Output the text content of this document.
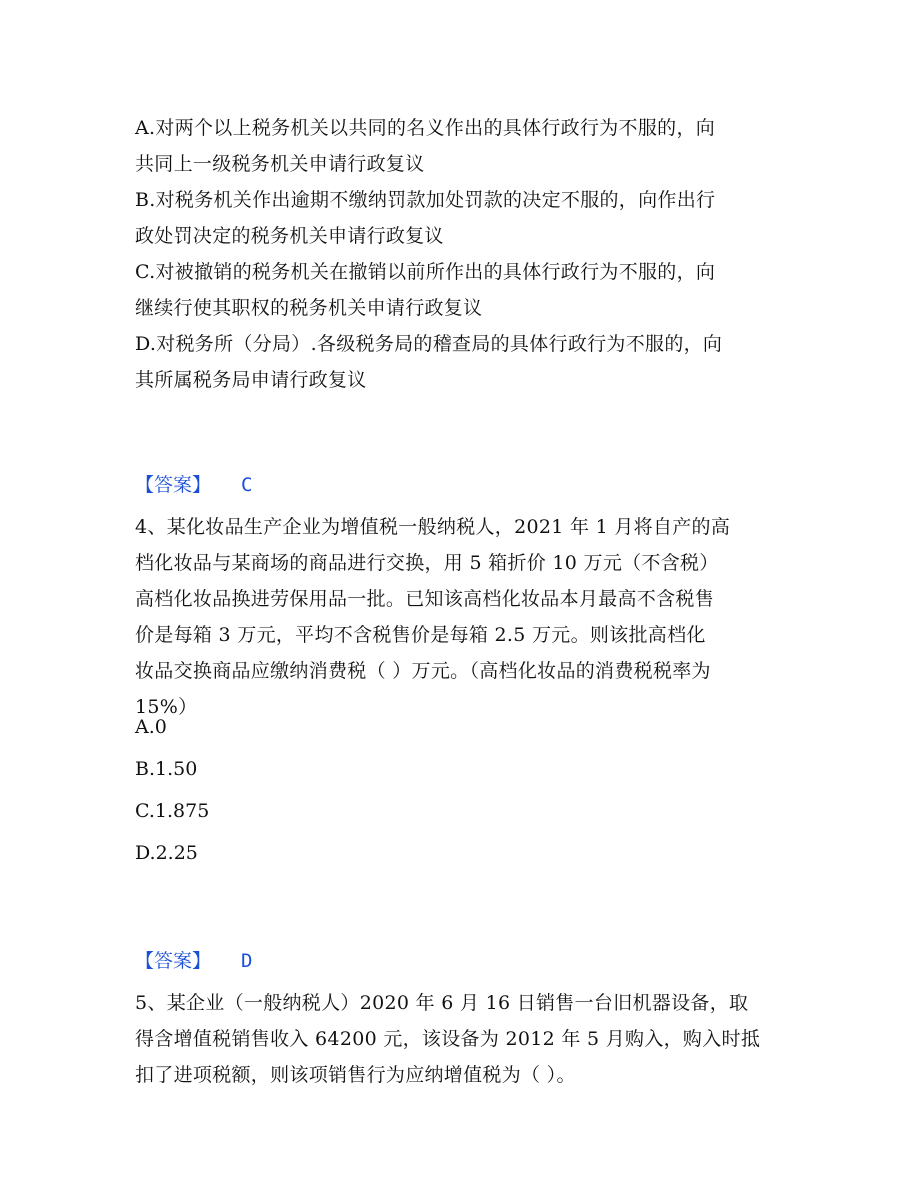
A.对两个以上税务机关以共同的名义作出的具体行政行为不服的，向
共同上一级税务机关申请行政复议
B.对税务机关作出逾期不缴纳罚款加处罚款的决定不服的，向作出行
政处罚决定的税务机关申请行政复议
C.对被撤销的税务机关在撤销以前所作出的具体行政行为不服的，向
继续行使其职权的税务机关申请行政复议
D.对税务所（分局）.各级税务局的稽查局的具体行政行为不服的，向
其所属税务局申请行政复议
【答案】 C
4、某化妆品生产企业为增值税一般纳税人，2021 年 1 月将自产的高
档化妆品与某商场的商品进行交换，用 5 箱折价 10 万元（不含税）
高档化妆品换进劳保用品一批。已知该高档化妆品本月最高不含税售
价是每箱 3 万元，平均不含税售价是每箱 2.5 万元。则该批高档化
妆品交换商品应缴纳消费税（ ）万元。（高档化妆品的消费税税率为
15%）
A.0
B.1.50
C.1.875
D.2.25
【答案】 D
5、某企业（一般纳税人）2020 年 6 月 16 日销售一台旧机器设备，取
得含增值税销售收入 64200 元，该设备为 2012 年 5 月购入，购入时抵
扣了进项税额，则该项销售行为应纳增值税为（ ）。
